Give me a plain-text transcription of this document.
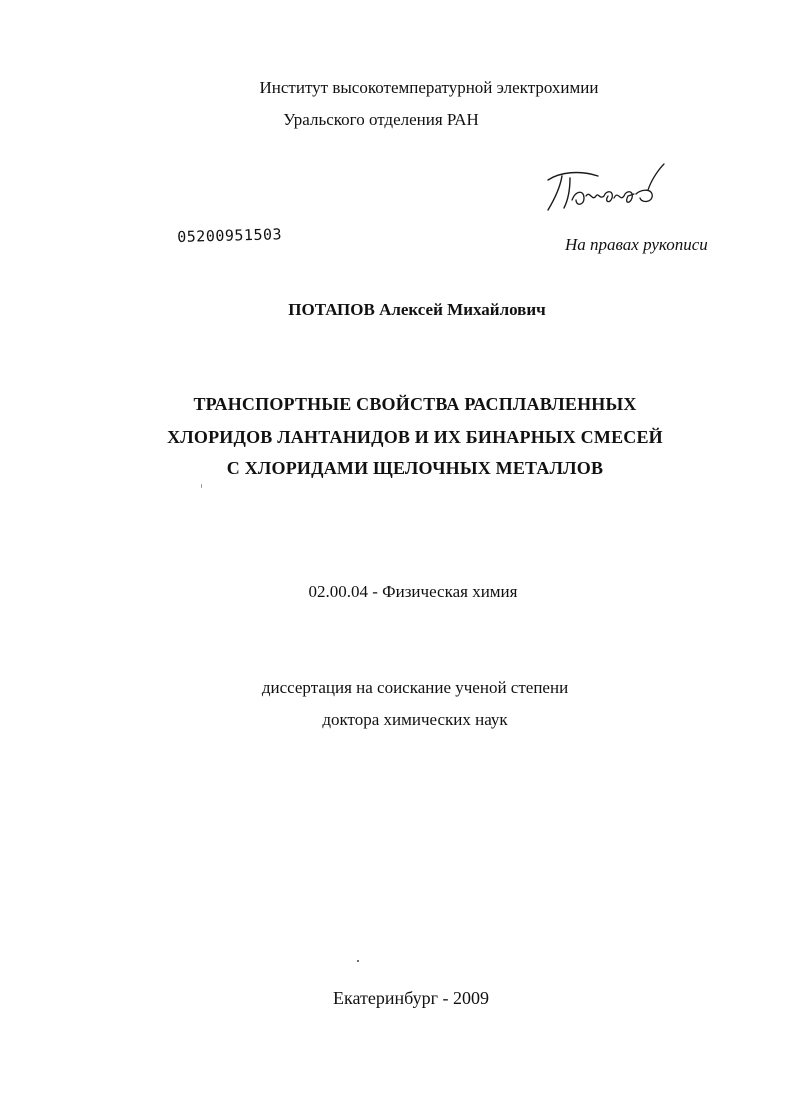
Институт высокотемпературной электрохимии
Уральского отделения РАН
05200951503	На правах рукописи
ПОТАПОВ Алексей Михайлович
ТРАНСПОРТНЫЕ СВОЙСТВА РАСПЛАВЛЕННЫХ
ХЛОРИДОВ ЛАНТАНИДОВ И ИХ БИНАРНЫХ СМЕСЕЙ
С ХЛОРИДАМИ ЩЕЛОЧНЫХ МЕТАЛЛОВ
02.00.04 - Физическая химия
диссертация на соискание ученой степени
доктора химических наук
Екатеринбург - 2009
